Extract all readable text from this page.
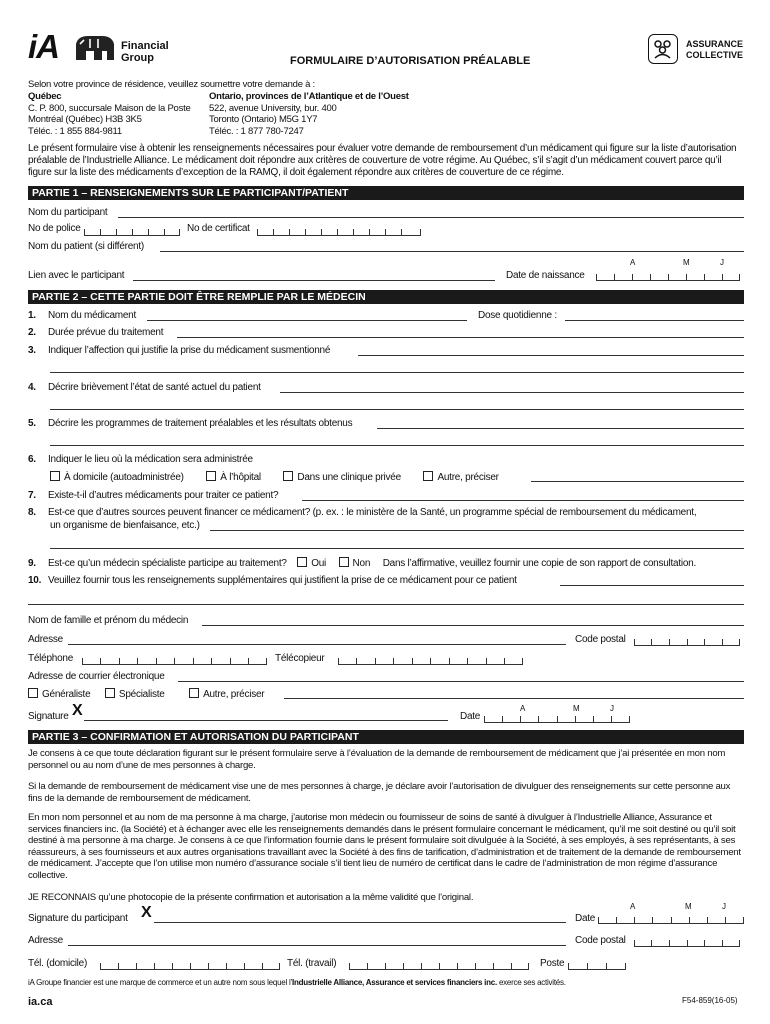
iA	Financial
Group	FORMULAIRE D’AUTORISATION PRÉALABLE
ASSURANCE
COLLECTIVE
Selon votre province de résidence, veuillez soumettre votre demande à :
Québec
C. P. 800, succursale Maison de la Poste
Montréal (Québec) H3B 3K5
Téléc. : 1 855 884-9811
Ontario, provinces de l’Atlantique et de l’Ouest
522, avenue University, bur. 400
Toronto (Ontario) M5G 1Y7
Téléc. : 1 877 780-7247
Le présent formulaire vise à obtenir les renseignements nécessaires pour évaluer votre demande de remboursement d’un médicament qui figure sur la liste d’autorisation préalable de l’Industrielle Alliance. Le médicament doit répondre aux critères de couverture de votre régime. Au Québec, s’il s’agit d’un médicament couvert parce qu’il figure sur la liste des médicaments d’exception de la RAMQ, il doit également répondre aux critères de couverture de ce régime.
PARTIE 1 – RENSEIGNEMENTS SUR LE PARTICIPANT/PATIENT
Nom du participant
No de police	No de certificat
Nom du patient (si différent)
A	M	J
Lien avec le participant	Date de naissance
PARTIE 2 – CETTE PARTIE DOIT ÊTRE REMPLIE PAR LE MÉDECIN
1. Nom du médicament	Dose quotidienne :
2. Durée prévue du traitement
3. Indiquer l’affection qui justifie la prise du médicament susmentionné
4. Décrire brièvement l’état de santé actuel du patient
5. Décrire les programmes de traitement préalables et les résultats obtenus
6. Indiquer le lieu où la médication sera administrée
À domicile (autoadministrée)	À l’hôpital	Dans une clinique privée	Autre, préciser
7. Existe-t-il d’autres médicaments pour traiter ce patient?
8. Est-ce que d’autres sources peuvent financer ce médicament? (p. ex. : le ministère de la Santé, un programme spécial de remboursement du médicament,
un organisme de bienfaisance, etc.)
9. Est-ce qu’un médecin spécialiste participe au traitement? Oui	Non Dans l’affirmative, veuillez fournir une copie de son rapport de consultation.
10. Veuillez fournir tous les renseignements supplémentaires qui justifient la prise de ce médicament pour ce patient
Nom de famille et prénom du médecin
Adresse	Code postal
Téléphone	Télécopieur
Adresse de courrier électronique
Généraliste	Spécialiste	Autre, préciser
A	M	J
Signature X	Date
PARTIE 3 – CONFIRMATION ET AUTORISATION DU PARTICIPANT
Je consens à ce que toute déclaration figurant sur le présent formulaire serve à l’évaluation de la demande de remboursement de médicament que j’ai présentée en mon nom personnel ou au nom d’une de mes personnes à charge.
Si la demande de remboursement de médicament vise une de mes personnes à charge, je déclare avoir l’autorisation de divulguer des renseignements sur cette personne aux fins de la demande de remboursement de médicament.
En mon nom personnel et au nom de ma personne à ma charge, j’autorise mon médecin ou fournisseur de soins de santé à divulguer à l’Industrielle Alliance, Assurance et services financiers inc. (la Société) et à échanger avec elle les renseignements demandés dans le présent formulaire concernant le médicament, qu’il me soit destiné ou qu’il soit destiné à ma personne à ma charge. Je consens à ce que l’information fournie dans le présent formulaire soit divulguée à la Société, à ses employés, à ses représentants, à ses réassureurs, à ses fournisseurs et aux autres organisations travaillant avec la Société à des fins de tarification, d’administration et de traitement de la demande de remboursement de médicament. J’accepte que l’on utilise mon numéro d’assurance sociale s’il tient lieu de numéro de certificat dans le cadre de l’administration de mon régime d’assurance collective.
JE RECONNAIS qu’une photocopie de la présente confirmation et autorisation a la même validité que l’original.
A	M	J
Signature du participant X	Date
Adresse	Code postal
Tél. (domicile)	Tél. (travail)	Poste
iA Groupe financier est une marque de commerce et un autre nom sous lequel l’Industrielle Alliance, Assurance et services financiers inc. exerce ses activités.
ia.ca	F54-859(16-05)
